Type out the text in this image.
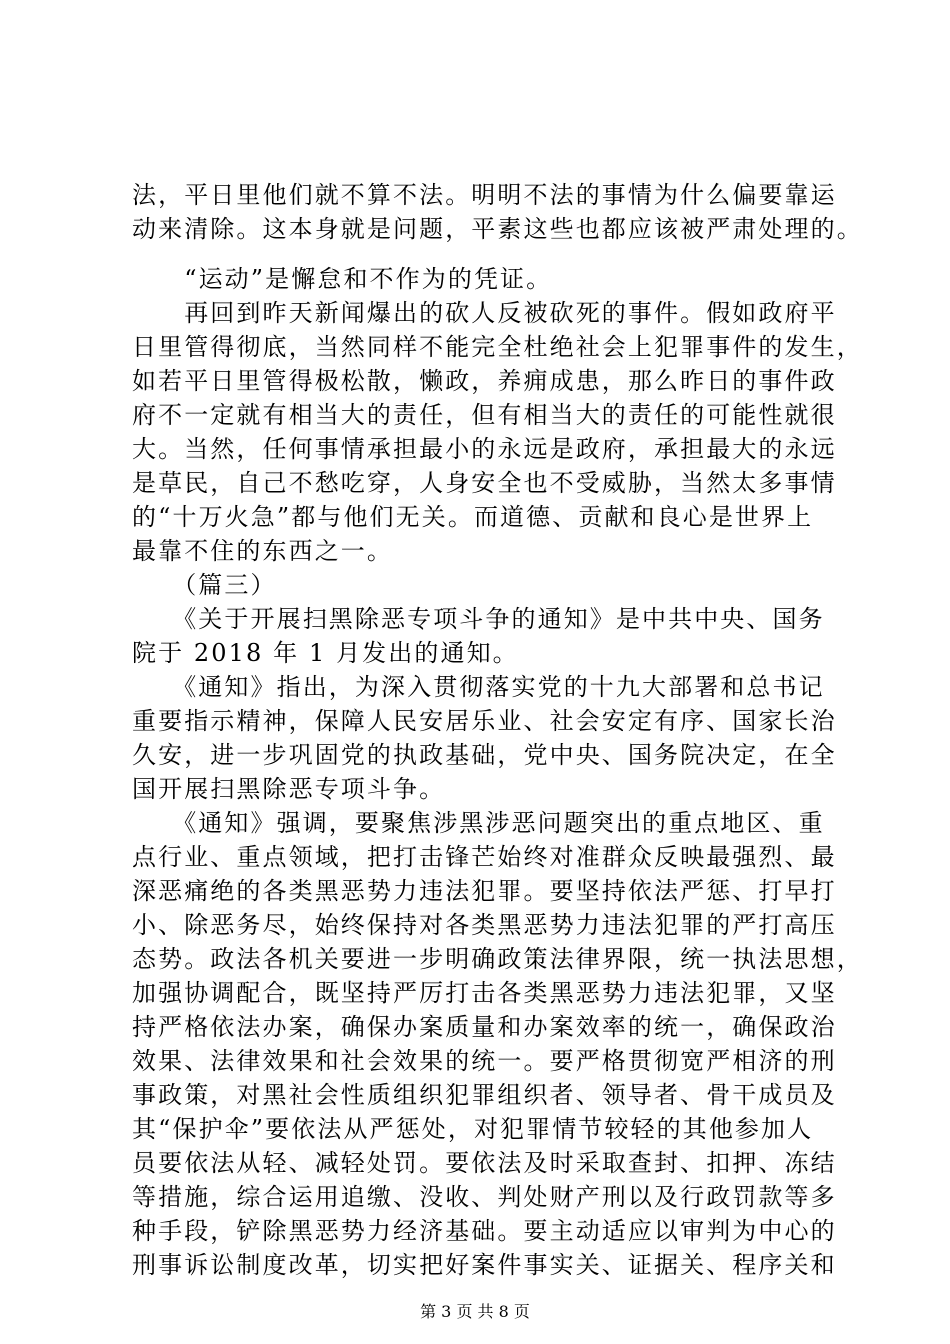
法，平日里他们就不算不法。明明不法的事情为什么偏要靠运
动来清除。这本身就是问题，平素这些也都应该被严肃处理的。
　　“运动”是懈怠和不作为的凭证。
　　再回到昨天新闻爆出的砍人反被砍死的事件。假如政府平
日里管得彻底，当然同样不能完全杜绝社会上犯罪事件的发生，
如若平日里管得极松散，懒政，养痈成患，那么昨日的事件政
府不一定就有相当大的责任，但有相当大的责任的可能性就很
大。当然，任何事情承担最小的永远是政府，承担最大的永远
是草民，自己不愁吃穿，人身安全也不受威胁，当然太多事情
的“十万火急”都与他们无关。而道德、贡献和良心是世界上
最靠不住的东西之一。
　　（篇三）
　　《关于开展扫黑除恶专项斗争的通知》是中共中央、国务
院于 2018 年 1 月发出的通知。
　　《通知》指出，为深入贯彻落实党的十九大部署和总书记
重要指示精神，保障人民安居乐业、社会安定有序、国家长治
久安，进一步巩固党的执政基础，党中央、国务院决定，在全
国开展扫黑除恶专项斗争。
　　《通知》强调，要聚焦涉黑涉恶问题突出的重点地区、重
点行业、重点领域，把打击锋芒始终对准群众反映最强烈、最
深恶痛绝的各类黑恶势力违法犯罪。要坚持依法严惩、打早打
小、除恶务尽，始终保持对各类黑恶势力违法犯罪的严打高压
态势。政法各机关要进一步明确政策法律界限，统一执法思想，
加强协调配合，既坚持严厉打击各类黑恶势力违法犯罪，又坚
持严格依法办案，确保办案质量和办案效率的统一，确保政治
效果、法律效果和社会效果的统一。要严格贯彻宽严相济的刑
事政策，对黑社会性质组织犯罪组织者、领导者、骨干成员及
其“保护伞”要依法从严惩处，对犯罪情节较轻的其他参加人
员要依法从轻、减轻处罚。要依法及时采取查封、扣押、冻结
等措施，综合运用追缴、没收、判处财产刑以及行政罚款等多
种手段，铲除黑恶势力经济基础。要主动适应以审判为中心的
刑事诉讼制度改革，切实把好案件事实关、证据关、程序关和
第 3 页 共 8 页
